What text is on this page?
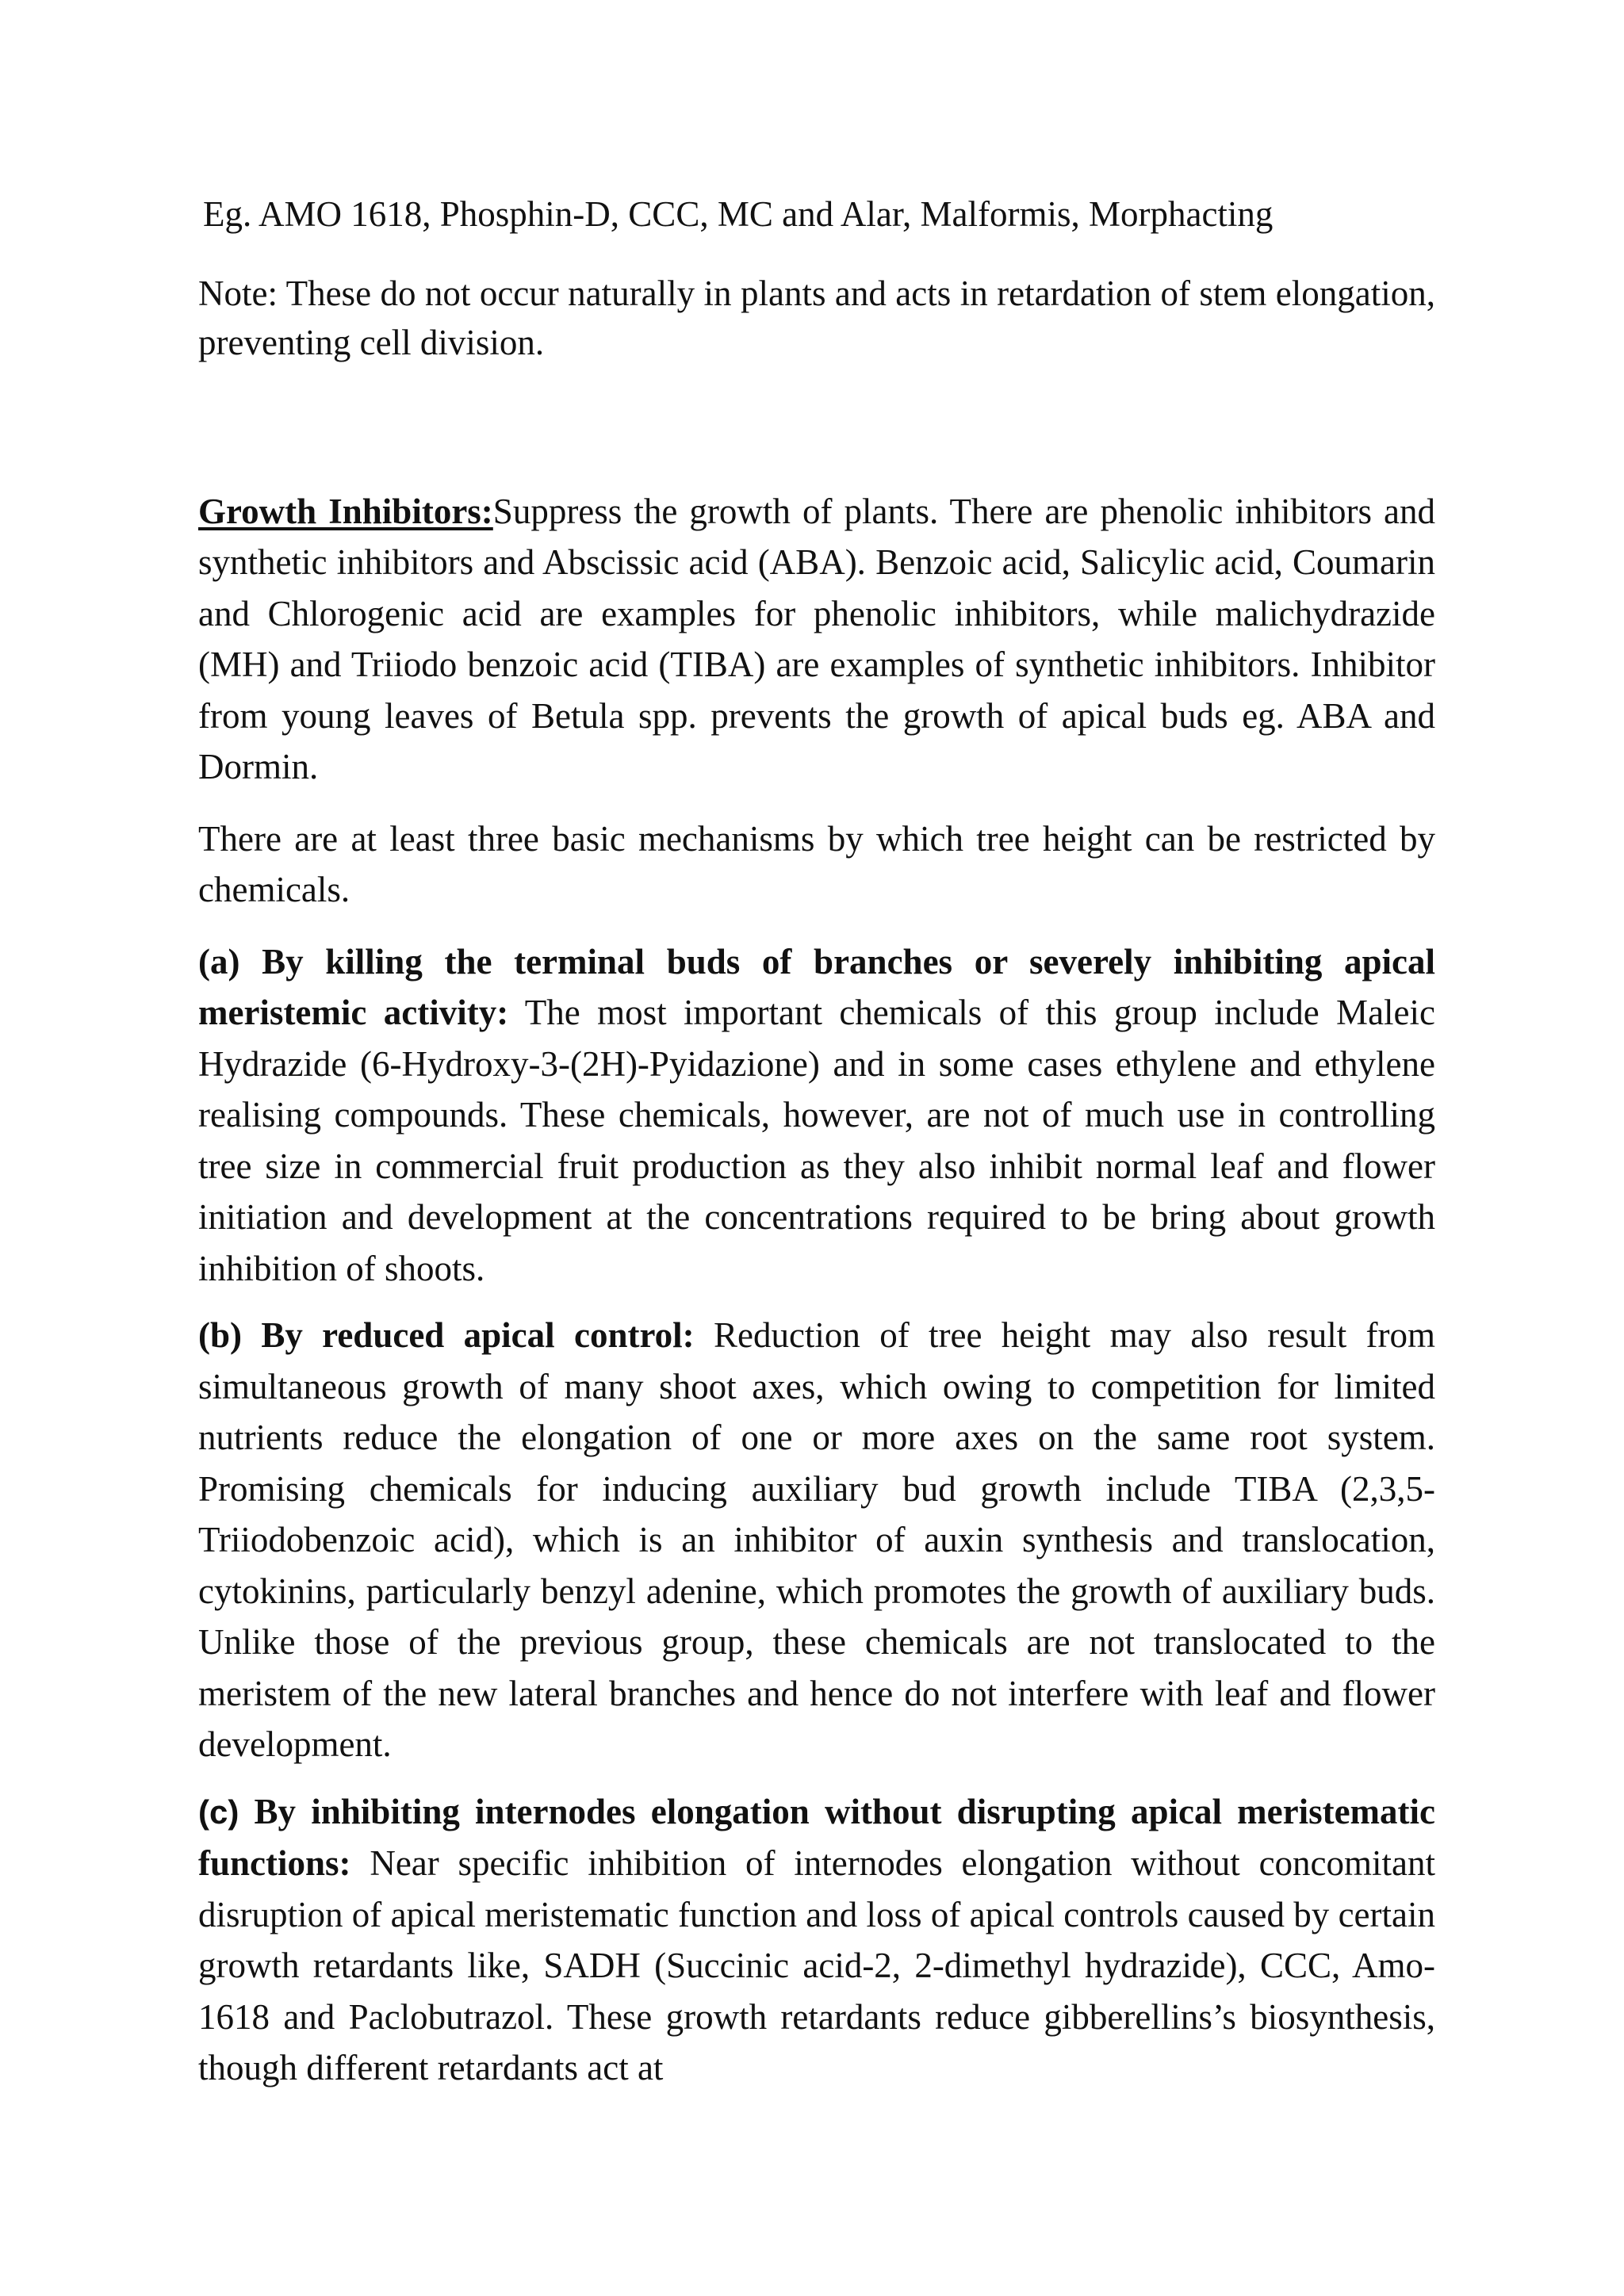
Eg. AMO 1618, Phosphin-D, CCC, MC and Alar, Malformis, Morphacting

Note: These do not occur naturally in plants and acts in retardation of stem elongation, preventing cell division.

Growth Inhibitors:Suppress the growth of plants. There are phenolic inhibitors and synthetic inhibitors and Abscissic acid (ABA). Benzoic acid, Salicylic acid, Coumarin and Chlorogenic acid are examples for phenolic inhibitors, while malichydrazide (MH) and Triiodo benzoic acid (TIBA) are examples of synthetic inhibitors. Inhibitor from young leaves of Betula spp. prevents the growth of apical buds eg. ABA and Dormin.

There are at least three basic mechanisms by which tree height can be restricted by chemicals.

(a) By killing the terminal buds of branches or severely inhibiting apical meristemic activity: The most important chemicals of this group include Maleic Hydrazide (6-Hydroxy-3-(2H)-Pyidazione) and in some cases ethylene and ethylene realising compounds. These chemicals, however, are not of much use in controlling tree size in commercial fruit production as they also inhibit normal leaf and flower initiation and development at the concentrations required to be bring about growth inhibition of shoots.

(b) By reduced apical control: Reduction of tree height may also result from simultaneous growth of many shoot axes, which owing to competition for limited nutrients reduce the elongation of one or more axes on the same root system. Promising chemicals for inducing auxiliary bud growth include TIBA (2,3,5-Triiodobenzoic acid), which is an inhibitor of auxin synthesis and translocation, cytokinins, particularly benzyl adenine, which promotes the growth of auxiliary buds. Unlike those of the previous group, these chemicals are not translocated to the meristem of the new lateral branches and hence do not interfere with leaf and flower development.

(c) By inhibiting internodes elongation without disrupting apical meristematic functions: Near specific inhibition of internodes elongation without concomitant disruption of apical meristematic function and loss of apical controls caused by certain growth retardants like, SADH (Succinic acid-2, 2-dimethyl hydrazide), CCC, Amo-1618 and Paclobutrazol. These growth retardants reduce gibberellins’s biosynthesis, though different retardants act at
